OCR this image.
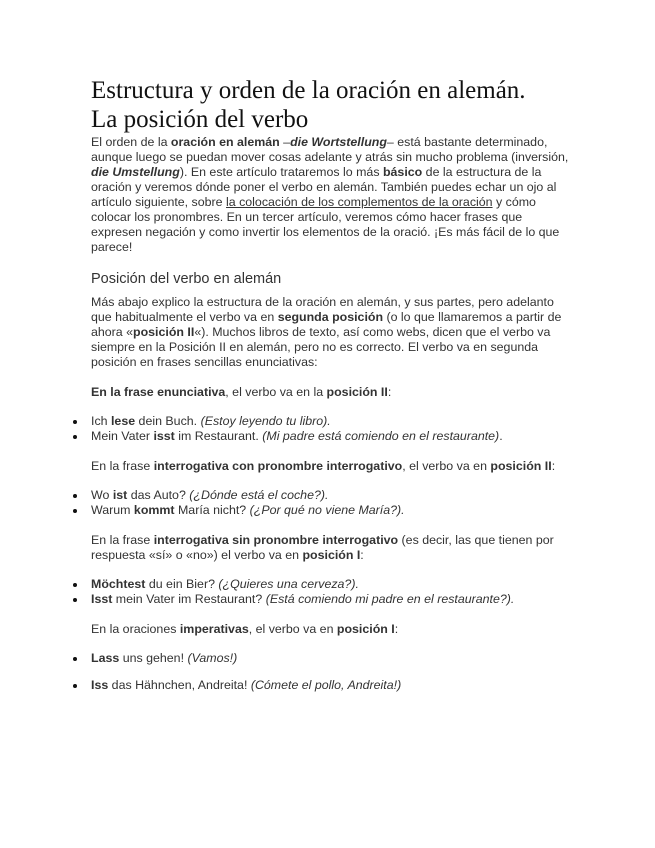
Estructura y orden de la oración en alemán.
La posición del verbo

El orden de la oración en alemán –die Wortstellung– está bastante determinado, aunque luego se puedan mover cosas adelante y atrás sin mucho problema (inversión, die Umstellung). En este artículo trataremos lo más básico de la estructura de la oración y veremos dónde poner el verbo en alemán. También puedes echar un ojo al artículo siguiente, sobre la colocación de los complementos de la oración y cómo colocar los pronombres. En un tercer artículo, veremos cómo hacer frases que expresen negación y como invertir los elementos de la oració. ¡Es más fácil de lo que parece!

Posición del verbo en alemán

Más abajo explico la estructura de la oración en alemán, y sus partes, pero adelanto que habitualmente el verbo va en segunda posición (o lo que llamaremos a partir de ahora «posición II«). Muchos libros de texto, así como webs, dicen que el verbo va siempre en la Posición II en alemán, pero no es correcto. El verbo va en segunda posición en frases sencillas enunciativas:

En la frase enunciativa, el verbo va en la posición II:

Ich lese dein Buch. (Estoy leyendo tu libro).
Mein Vater isst im Restaurant. (Mi padre está comiendo en el restaurante).

En la frase interrogativa con pronombre interrogativo, el verbo va en posición II:

Wo ist das Auto? (¿Dónde está el coche?).
Warum kommt María nicht? (¿Por qué no viene María?).

En la frase interrogativa sin pronombre interrogativo (es decir, las que tienen por respuesta «sí» o «no») el verbo va en posición I:

Möchtest du ein Bier? (¿Quieres una cerveza?).
Isst mein Vater im Restaurant? (Está comiendo mi padre en el restaurante?).

En la oraciones imperativas, el verbo va en posición I:

Lass uns gehen! (Vamos!)
Iss das Hähnchen, Andreita! (Cómete el pollo, Andreita!)
